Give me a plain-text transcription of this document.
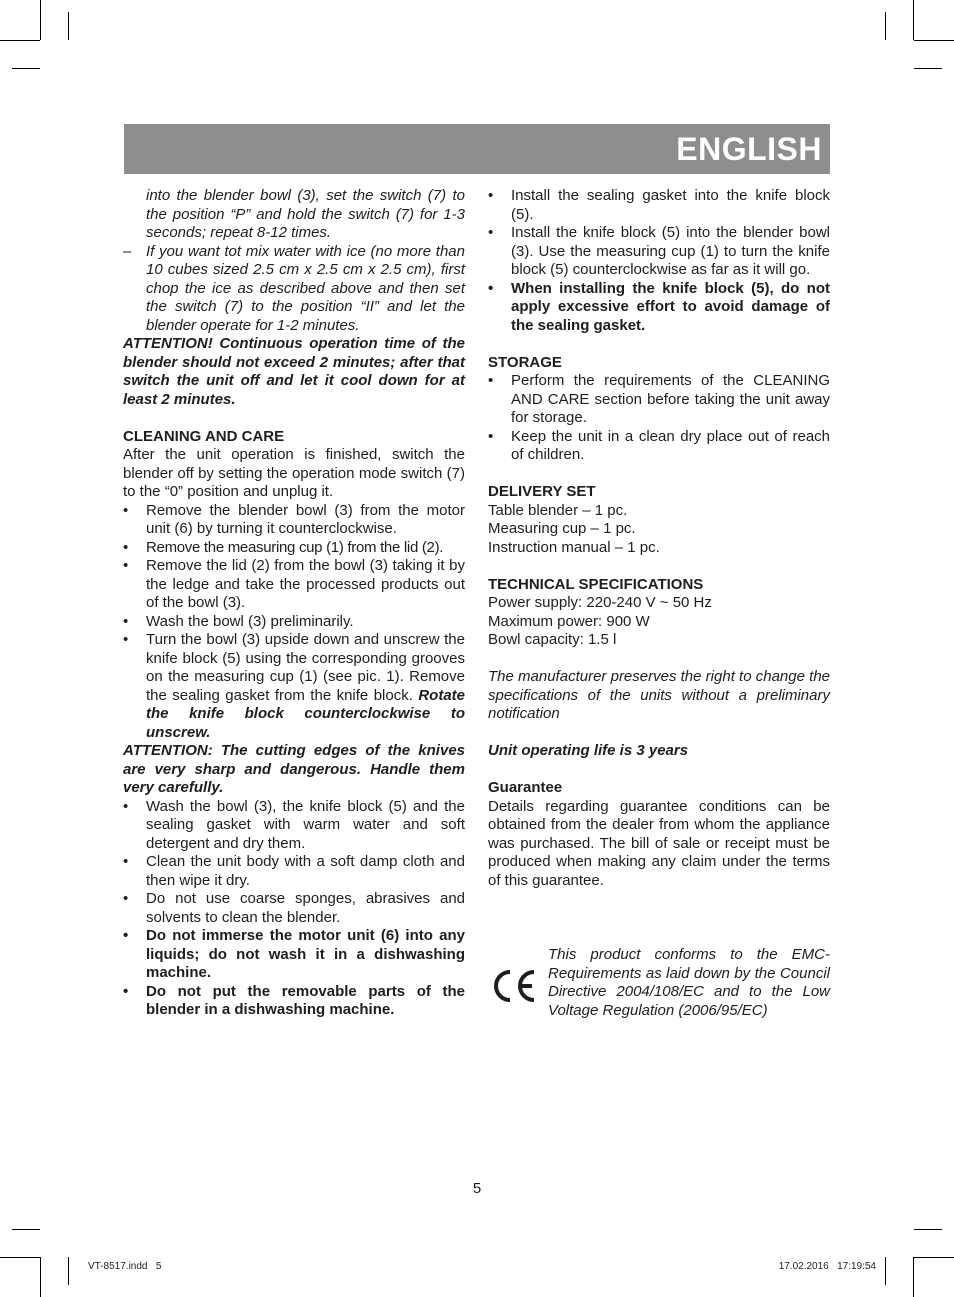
ENGLISH

into the blender bowl (3), set the switch (7) to the position “P” and hold the switch (7) for 1-3 seconds; repeat 8-12 times.

– If you want tot mix water with ice (no more than 10 cubes sized 2.5 cm x 2.5 cm x 2.5 cm), first chop the ice as described above and then set the switch (7) to the position “II” and let the blender operate for 1-2 minutes.

ATTENTION! Continuous operation time of the blender should not exceed 2 minutes; after that switch the unit off and let it cool down for at least 2 minutes.

CLEANING AND CARE

After the unit operation is finished, switch the blender off by setting the operation mode switch (7) to the “0” position and unplug it.

• Remove the blender bowl (3) from the motor unit (6) by turning it counterclockwise.

• Remove the measuring cup (1) from the lid (2).

• Remove the lid (2) from the bowl (3) taking it by the ledge and take the processed products out of the bowl (3).

• Wash the bowl (3) preliminarily.

• Turn the bowl (3) upside down and unscrew the knife block (5) using the corresponding grooves on the measuring cup (1) (see pic. 1). Remove the sealing gasket from the knife block. Rotate the knife block counterclockwise to unscrew.

ATTENTION: The cutting edges of the knives are very sharp and dangerous. Handle them very carefully.

• Wash the bowl (3), the knife block (5) and the sealing gasket with warm water and soft detergent and dry them.

• Clean the unit body with a soft damp cloth and then wipe it dry.

• Do not use coarse sponges, abrasives and solvents to clean the blender.

• Do not immerse the motor unit (6) into any liquids; do not wash it in a dishwashing machine.

• Do not put the removable parts of the blender in a dishwashing machine.

• Install the sealing gasket into the knife block (5).

• Install the knife block (5) into the blender bowl (3). Use the measuring cup (1) to turn the knife block (5) counterclockwise as far as it will go.

• When installing the knife block (5), do not apply excessive effort to avoid damage of the sealing gasket.

STORAGE

• Perform the requirements of the CLEANING AND CARE section before taking the unit away for storage.

• Keep the unit in a clean dry place out of reach of children.

DELIVERY SET

Table blender – 1 pc.

Measuring cup – 1 pc.

Instruction manual – 1 pc.

TECHNICAL SPECIFICATIONS

Power supply: 220-240 V ~ 50 Hz

Maximum power: 900 W

Bowl capacity: 1.5 l

The manufacturer preserves the right to change the specifications of the units without a preliminary notification

Unit operating life is 3 years

Guarantee

Details regarding guarantee conditions can be obtained from the dealer from whom the appliance was purchased. The bill of sale or receipt must be produced when making any claim under the terms of this guarantee.

This product conforms to the EMC-Requirements as laid down by the Council Directive 2004/108/EC and to the Low Voltage Regulation (2006/95/EC)
5
VT-8517.indd   5	17.02.2016   17:19:54
